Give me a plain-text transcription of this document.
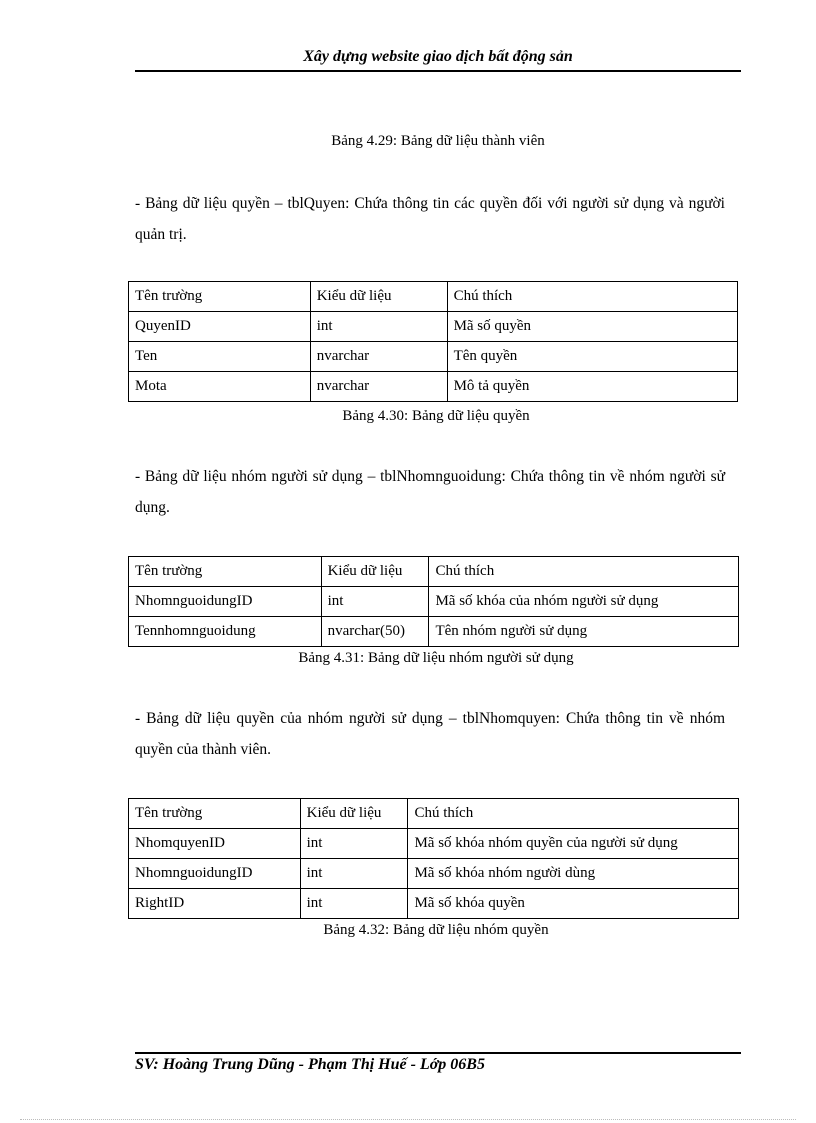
Xây dựng website giao dịch bất động sản
Bảng 4.29: Bảng dữ liệu thành viên
- Bảng dữ liệu quyền – tblQuyen: Chứa thông tin các quyền đối với người sử dụng và người quản trị.
Tên trường	Kiểu dữ liệu	Chú thích
QuyenID	int	Mã số quyền
Ten	nvarchar	Tên quyền
Mota	nvarchar	Mô tả quyền
Bảng 4.30: Bảng dữ liệu quyền
- Bảng dữ liệu nhóm người sử dụng – tblNhomnguoidung: Chứa thông tin về nhóm người sử dụng.
Tên trường	Kiểu dữ liệu	Chú thích
NhomnguoidungID	int	Mã số khóa của nhóm người sử dụng
Tennhomnguoidung	nvarchar(50)	Tên nhóm người sử dụng
Bảng 4.31: Bảng dữ liệu nhóm người sử dụng
- Bảng dữ liệu quyền của nhóm người sử dụng – tblNhomquyen: Chứa thông tin về nhóm quyền của thành viên.
Tên trường	Kiểu dữ liệu	Chú thích
NhomquyenID	int	Mã số khóa nhóm quyền của người sử dụng
NhomnguoidungID	int	Mã số khóa nhóm người dùng
RightID	int	Mã số khóa quyền
Bảng 4.32: Bảng dữ liệu nhóm quyền
SV: Hoàng Trung Dũng - Phạm Thị Huế - Lớp 06B5
